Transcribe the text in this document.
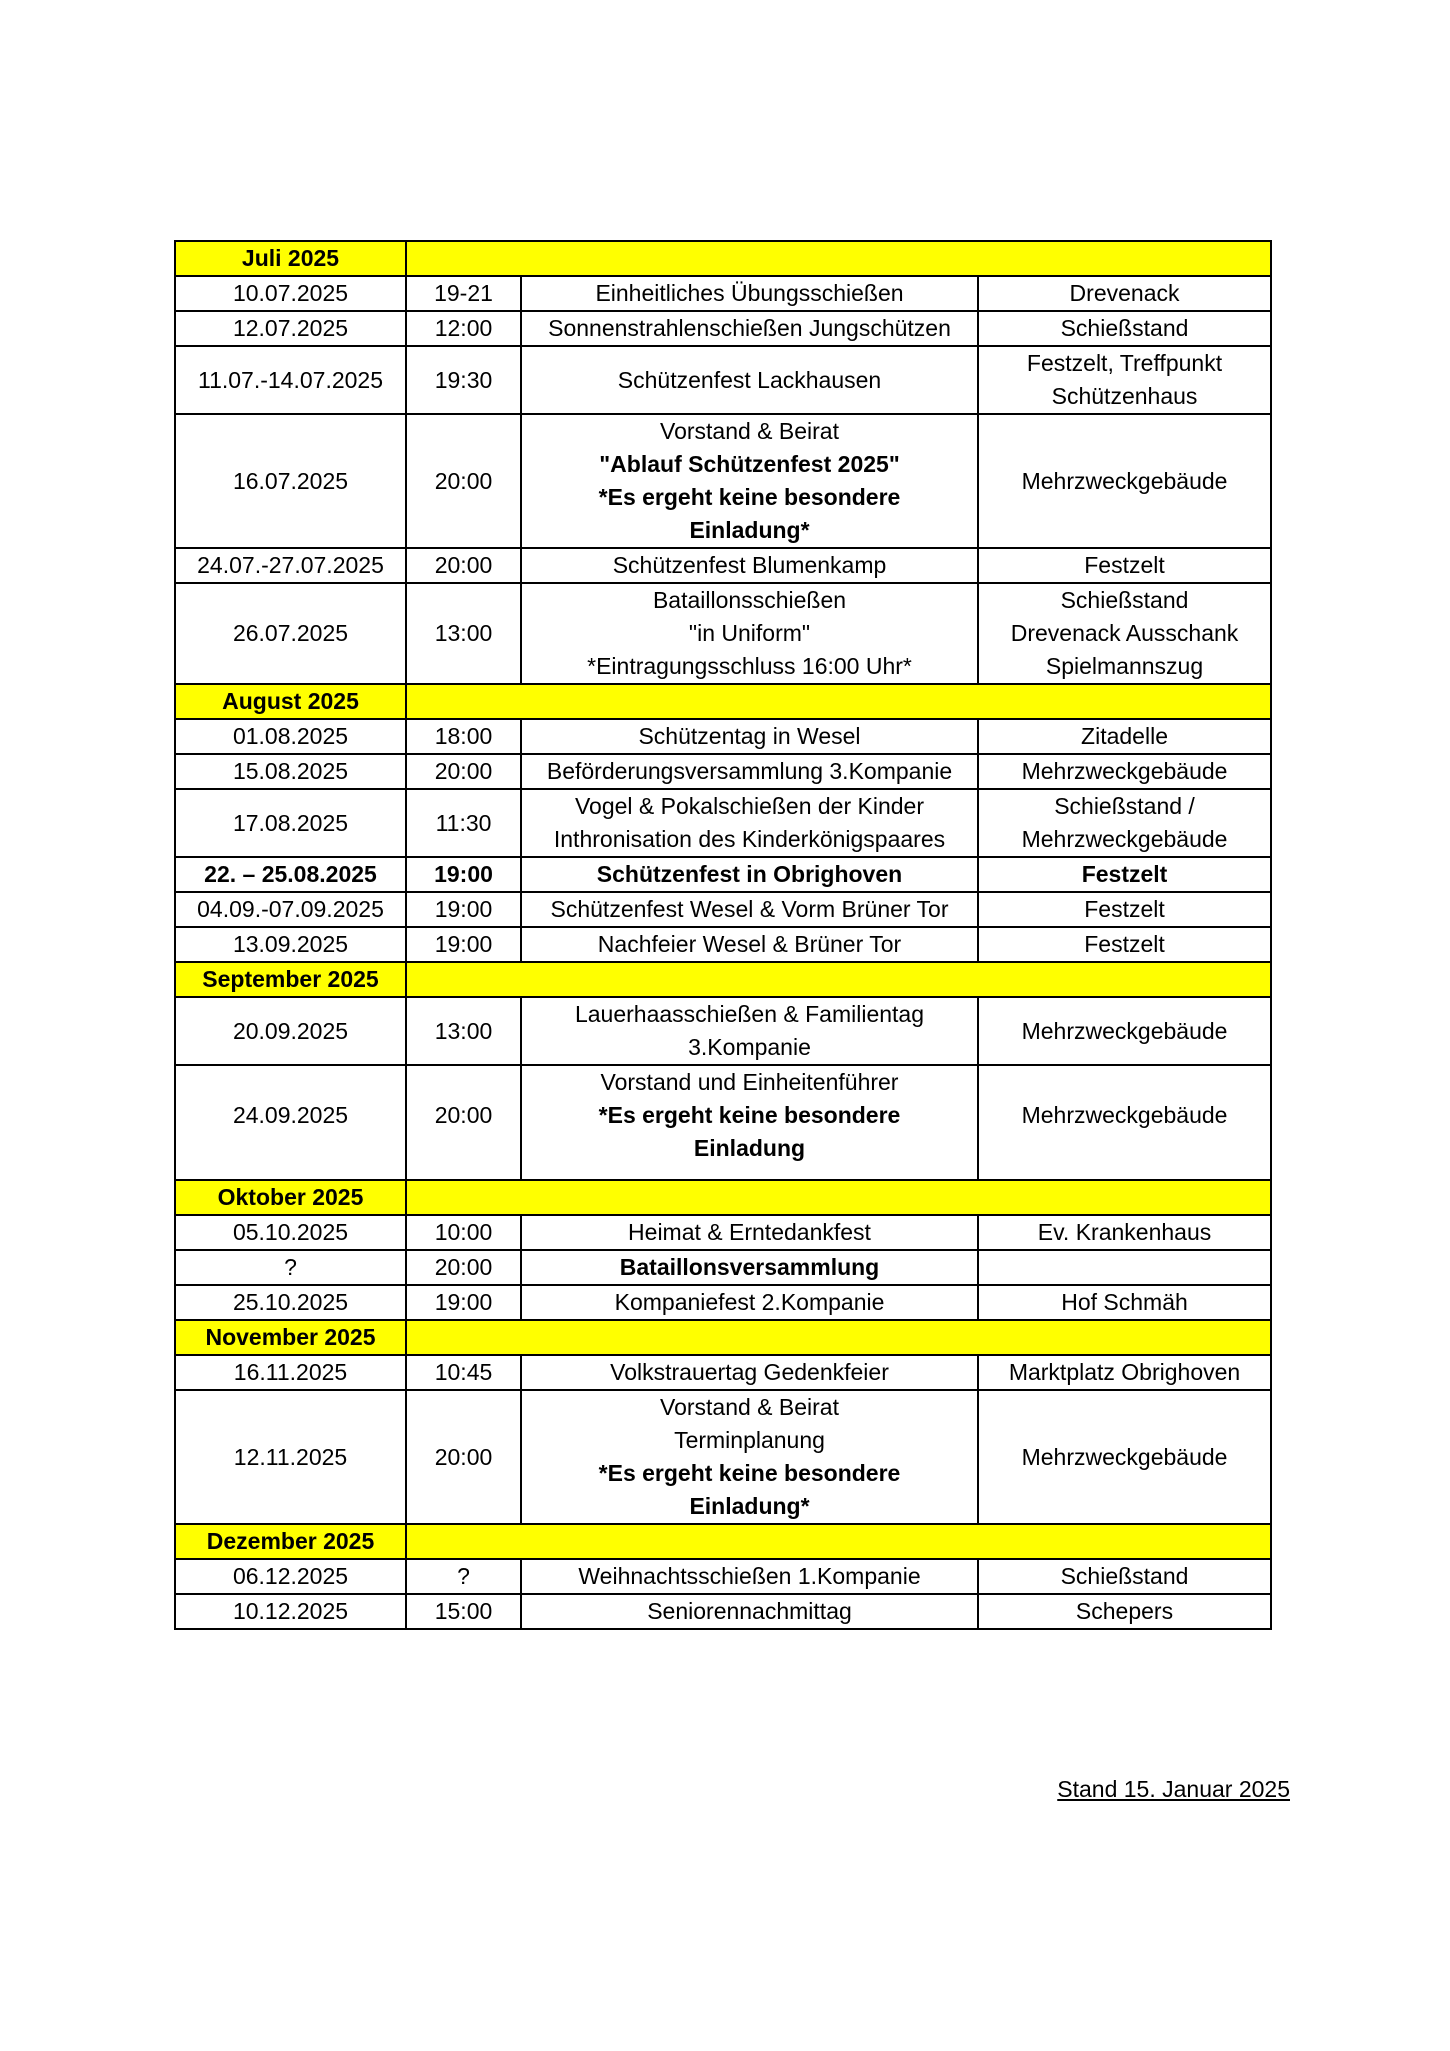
Juli 2025			
10.07.2025	19-21	Einheitliches Übungsschießen	Drevenack

12.07.2025	12:00	Sonnenstrahlenschießen Jungschützen	Schießstand

11.07.-14.07.2025	19:30	Schützenfest Lackhausen	Festzelt, Treffpunkt
Schützenhaus

16.07.2025	20:00	Vorstand & Beirat
"Ablauf Schützenfest 2025"
*Es ergeht keine besondere
Einladung*	Mehrzweckgebäude

24.07.-27.07.2025	20:00	Schützenfest Blumenkamp	Festzelt

26.07.2025	13:00	Bataillonsschießen
"in Uniform"
*Eintragungsschluss 16:00 Uhr*	Schießstand
Drevenack Ausschank
Spielmannszug

August 2025			
01.08.2025	18:00	Schützentag in Wesel	Zitadelle

15.08.2025	20:00	Beförderungsversammlung 3.Kompanie	Mehrzweckgebäude

17.08.2025	11:30	Vogel & Pokalschießen der Kinder
Inthronisation des Kinderkönigspaares	Schießstand /
Mehrzweckgebäude

22. – 25.08.2025	19:00	Schützenfest in Obrighoven	Festzelt

04.09.-07.09.2025	19:00	Schützenfest Wesel & Vorm Brüner Tor	Festzelt

13.09.2025	19:00	Nachfeier Wesel & Brüner Tor	Festzelt

September 2025			
20.09.2025	13:00	Lauerhaasschießen & Familientag
3.Kompanie	Mehrzweckgebäude

24.09.2025	20:00	Vorstand und Einheitenführer
*Es ergeht keine besondere
Einladung	Mehrzweckgebäude

Oktober 2025			
05.10.2025	10:00	Heimat & Erntedankfest	Ev. Krankenhaus

?	20:00	Bataillonsversammlung	

25.10.2025	19:00	Kompaniefest 2.Kompanie	Hof Schmäh

November 2025			
16.11.2025	10:45	Volkstrauertag Gedenkfeier	Marktplatz Obrighoven

12.11.2025	20:00	Vorstand & Beirat
Terminplanung
*Es ergeht keine besondere
Einladung*	Mehrzweckgebäude

Dezember 2025			
06.12.2025	?	Weihnachtsschießen 1.Kompanie	Schießstand

10.12.2025	15:00	Seniorennachmittag	Schepers
Stand 15. Januar 2025
